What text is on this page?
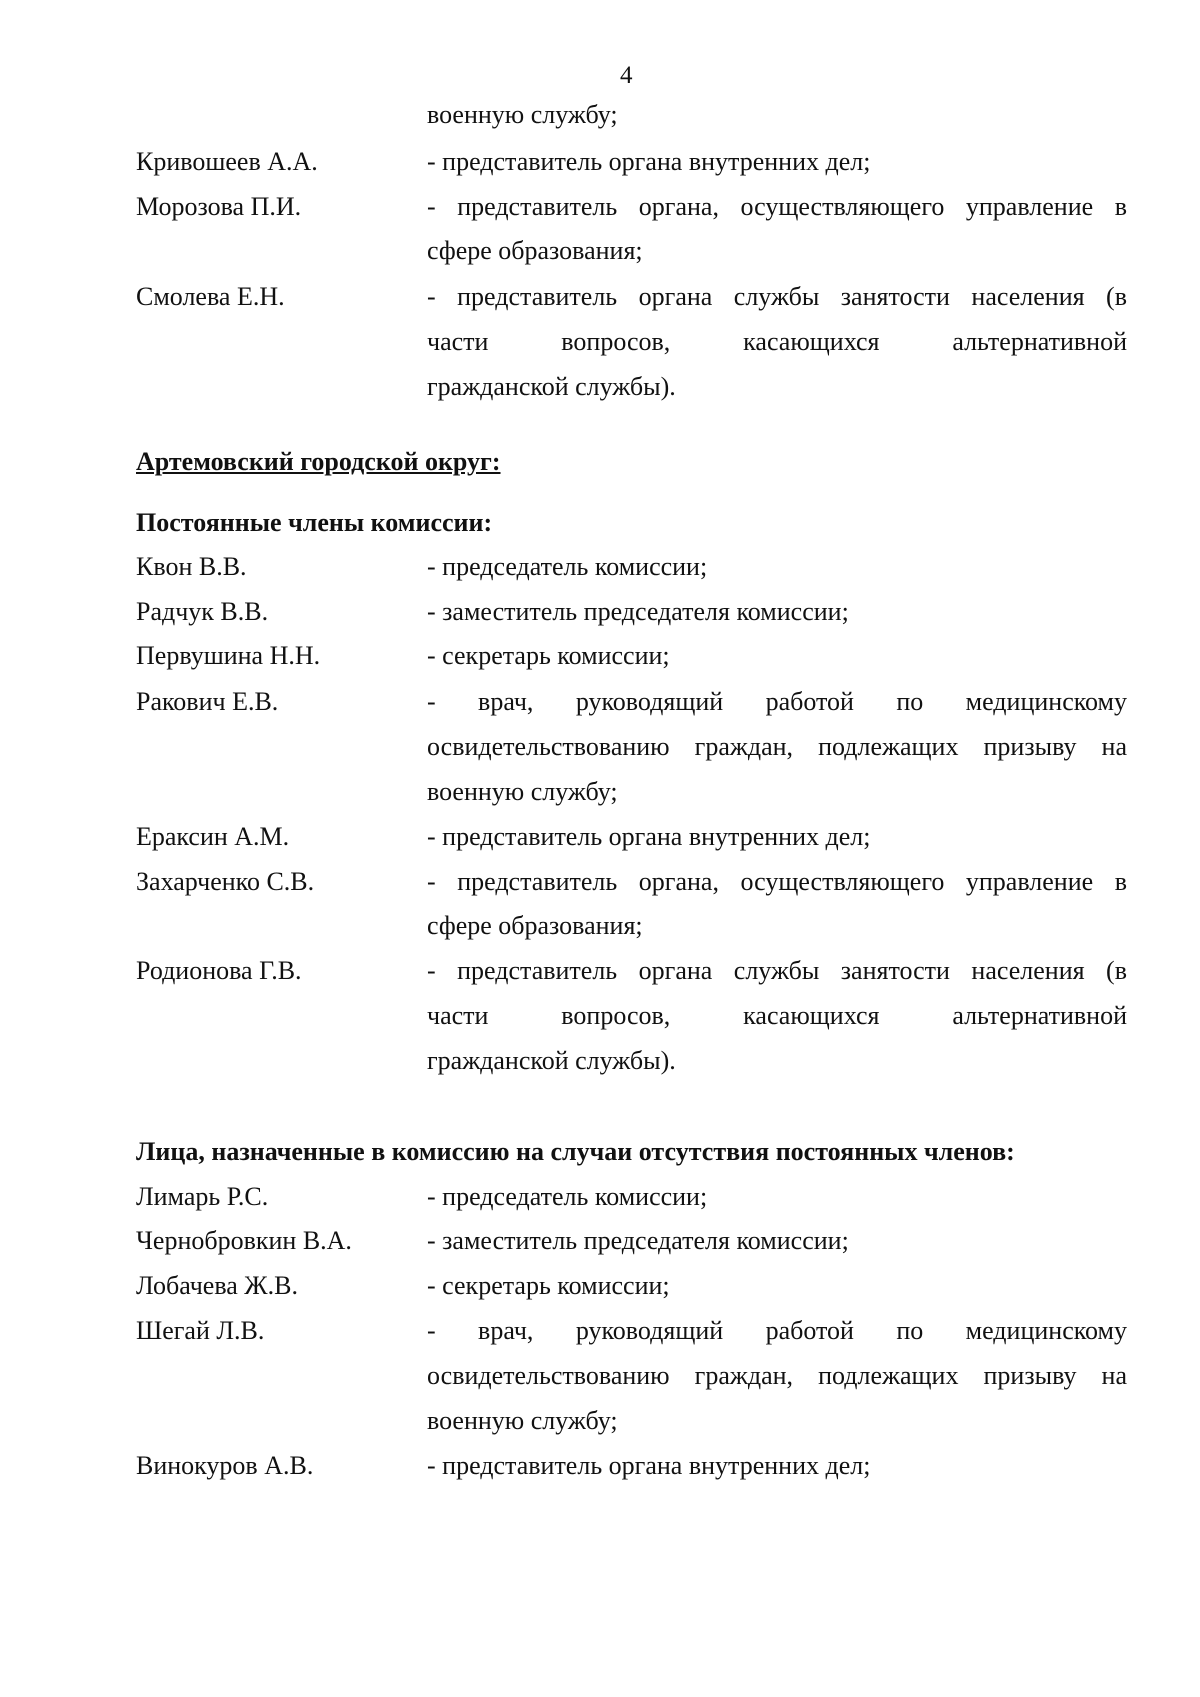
4
военную службу;
Кривошеев А.А.	- представитель органа внутренних дел;
Морозова П.И.	- представитель органа, осуществляющего управление в
сфере образования;
Смолева Е.Н.	- представитель органа службы занятости населения (в
части вопросов, касающихся альтернативной
гражданской службы).
Артемовский городской округ:
Постоянные члены комиссии:
Квон В.В.	- председатель комиссии;
Радчук В.В.	- заместитель председателя комиссии;
Первушина Н.Н.	- секретарь комиссии;
Ракович Е.В.	- врач, руководящий работой по медицинскому
освидетельствованию граждан, подлежащих призыву на
военную службу;
Ераксин А.М.	- представитель органа внутренних дел;
Захарченко С.В.	- представитель органа, осуществляющего управление в
сфере образования;
Родионова Г.В.	- представитель органа службы занятости населения (в
части вопросов, касающихся альтернативной
гражданской службы).
Лица, назначенные в комиссию на случаи отсутствия постоянных членов:
Лимарь Р.С.	- председатель комиссии;
Чернобровкин В.А.	- заместитель председателя комиссии;
Лобачева Ж.В.	- секретарь комиссии;
Шегай Л.В.	- врач, руководящий работой по медицинскому
освидетельствованию граждан, подлежащих призыву на
военную службу;
Винокуров А.В.	- представитель органа внутренних дел;
